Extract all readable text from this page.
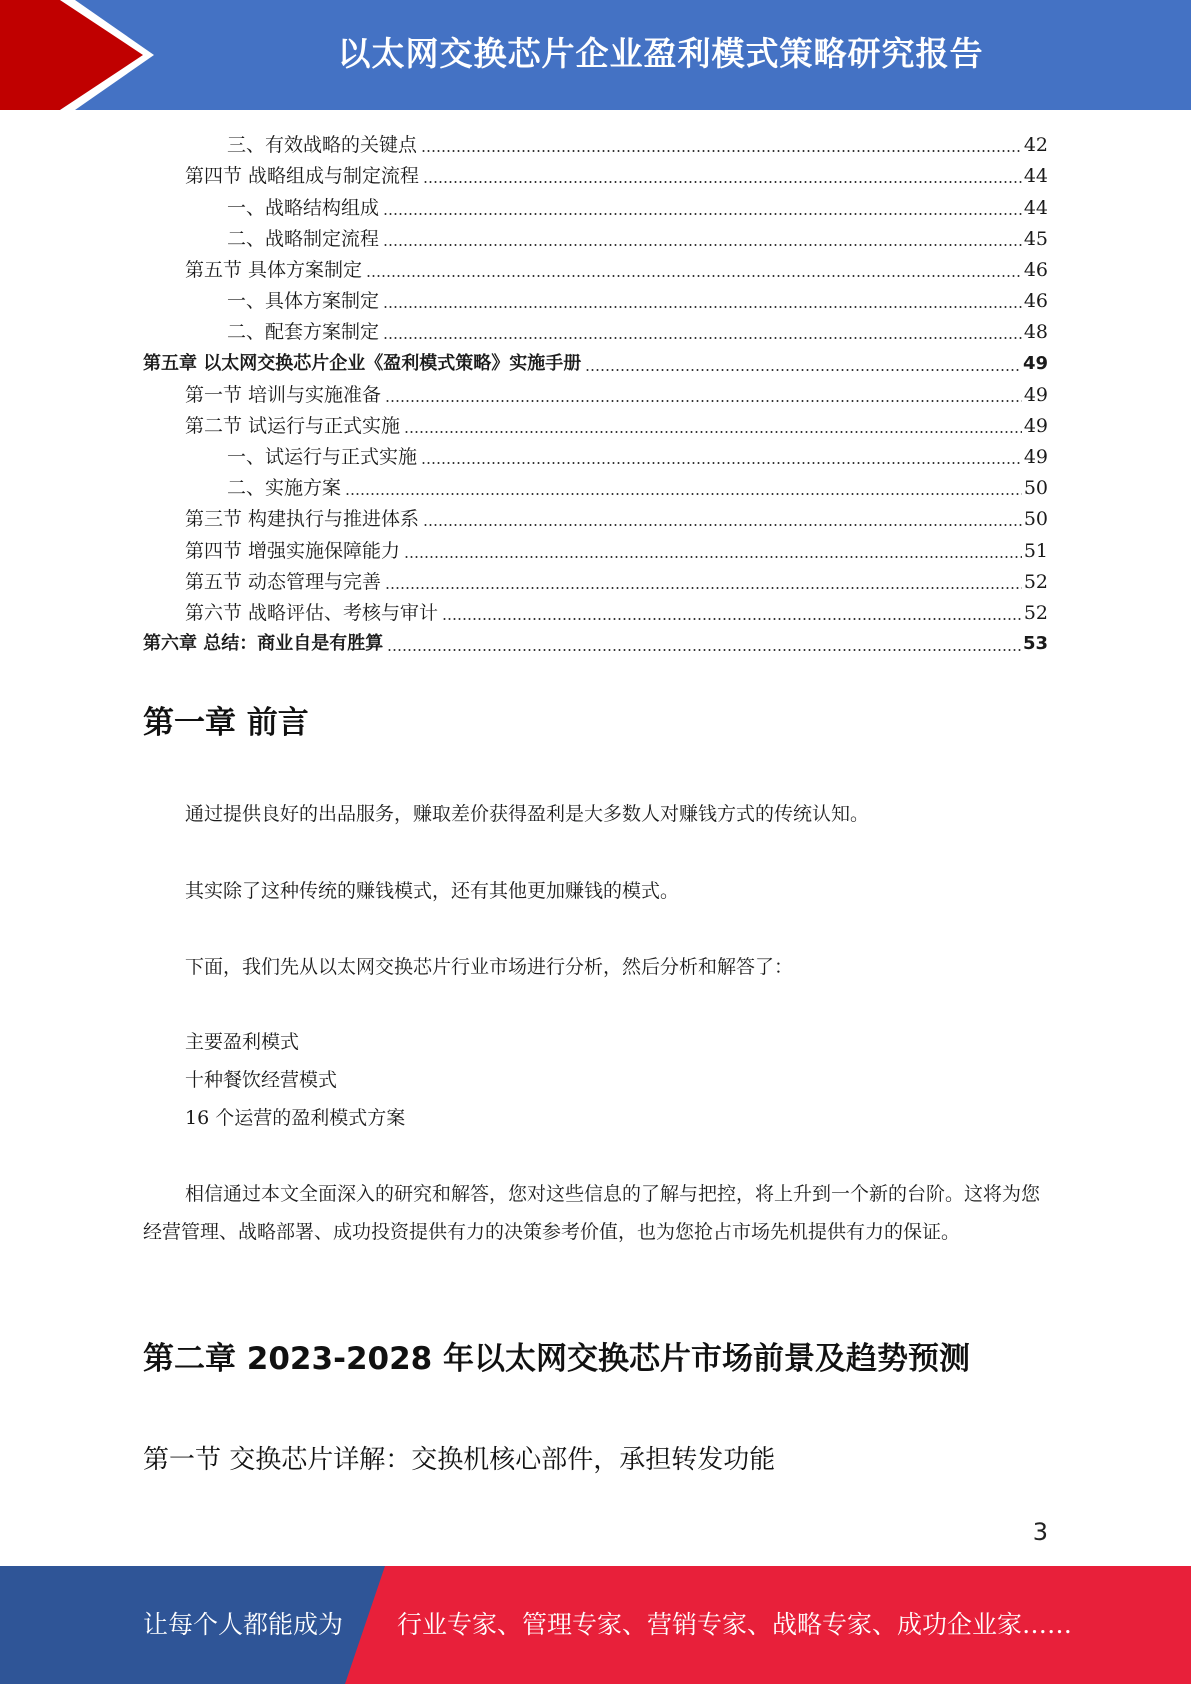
以太网交换芯片企业盈利模式策略研究报告
三、有效战略的关键点	42
第四节 战略组成与制定流程	44
一、战略结构组成	44
二、战略制定流程	45
第五节 具体方案制定	46
一、具体方案制定	46
二、配套方案制定	48
第五章 以太网交换芯片企业《盈利模式策略》实施手册	49
第一节 培训与实施准备	49
第二节 试运行与正式实施	49
一、试运行与正式实施	49
二、实施方案	50
第三节 构建执行与推进体系	50
第四节 增强实施保障能力	51
第五节 动态管理与完善	52
第六节 战略评估、考核与审计	52
第六章 总结：商业自是有胜算	53
第一章 前言

通过提供良好的出品服务，赚取差价获得盈利是大多数人对赚钱方式的传统认知。

其实除了这种传统的赚钱模式，还有其他更加赚钱的模式。

下面，我们先从以太网交换芯片行业市场进行分析，然后分析和解答了：

主要盈利模式
十种餐饮经营模式
16 个运营的盈利模式方案

相信通过本文全面深入的研究和解答，您对这些信息的了解与把控，将上升到一个新的台阶。这将为您经营管理、战略部署、成功投资提供有力的决策参考价值，也为您抢占市场先机提供有力的保证。

第二章 2023-2028 年以太网交换芯片市场前景及趋势预测
第一节 交换芯片详解：交换机核心部件，承担转发功能
3
让每个人都能成为 行业专家、管理专家、营销专家、战略专家、成功企业家……
